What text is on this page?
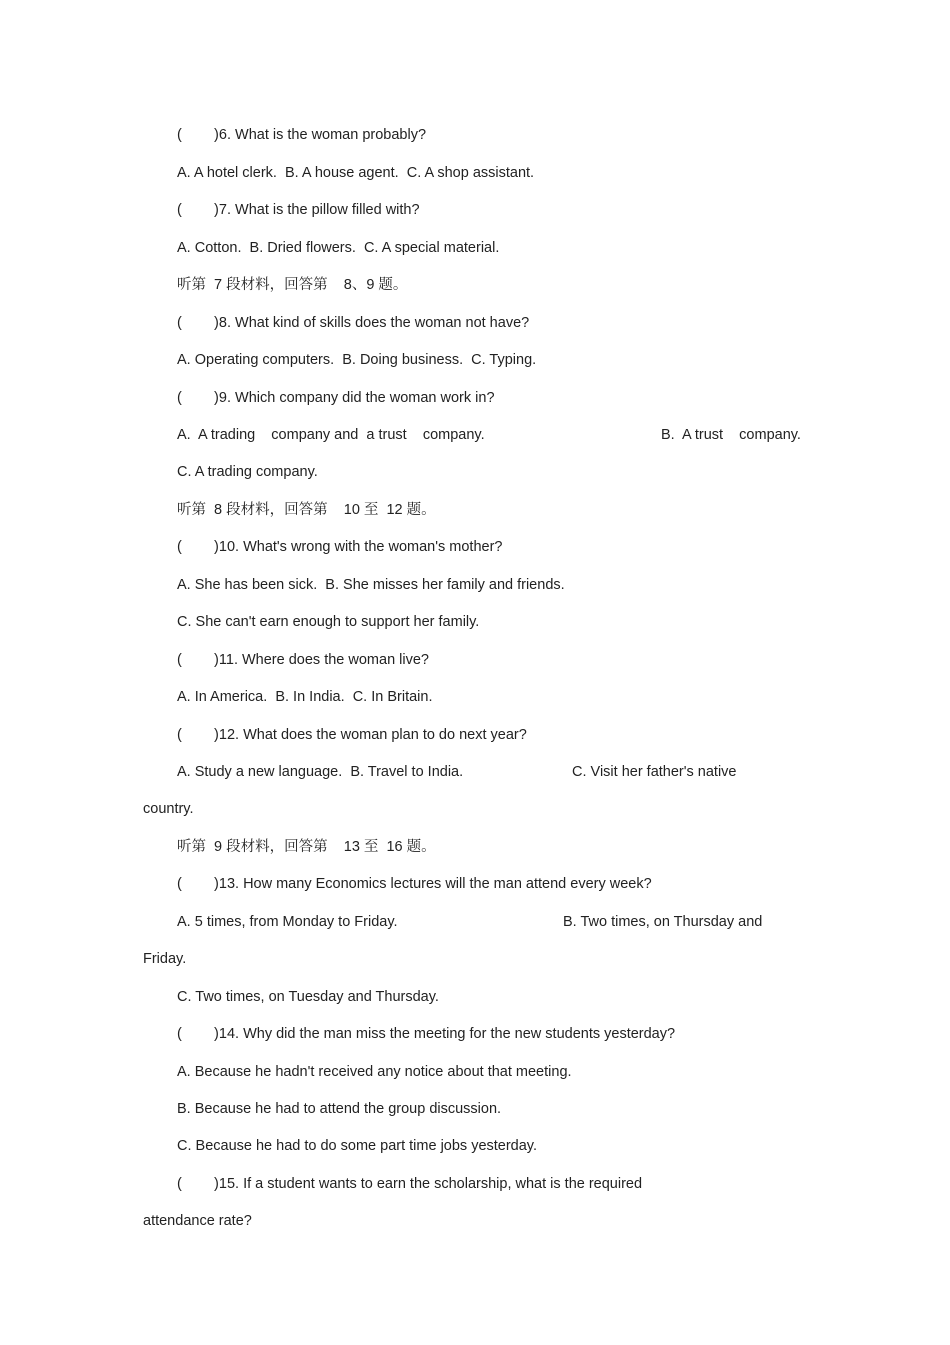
(        )6. What is the woman probably?
A. A hotel clerk.  B. A house agent.  C. A shop assistant.
(        )7. What is the pillow filled with?
A. Cotton.  B. Dried flowers.  C. A special material.
听第  7 段材料，回答第    8、9 题。
(        )8. What kind of skills does the woman not have?
A. Operating computers.  B. Doing business.  C. Typing.
(        )9. Which company did the woman work in?
A.  A trading    company and  a trust    company.	B.  A trust    company.
C. A trading company.
听第  8 段材料，回答第    10 至  12 题。
(        )10. What's wrong with the woman's mother?
A. She has been sick.  B. She misses her family and friends.
C. She can't earn enough to support her family.
(        )11. Where does the woman live?
A. In America.  B. In India.  C. In Britain.
(        )12. What does the woman plan to do next year?
A. Study a new language.  B. Travel to India.	C. Visit her father's native
country.
听第  9 段材料，回答第    13 至  16 题。
(        )13. How many Economics lectures will the man attend every week?
A. 5 times, from Monday to Friday.	B. Two times, on Thursday and
Friday.
C. Two times, on Tuesday and Thursday.
(        )14. Why did the man miss the meeting for the new students yesterday?
A. Because he hadn't received any notice about that meeting.
B. Because he had to attend the group discussion.
C. Because he had to do some part time jobs yesterday.
(        )15. If a student wants to earn the scholarship, what is the required
attendance rate?
